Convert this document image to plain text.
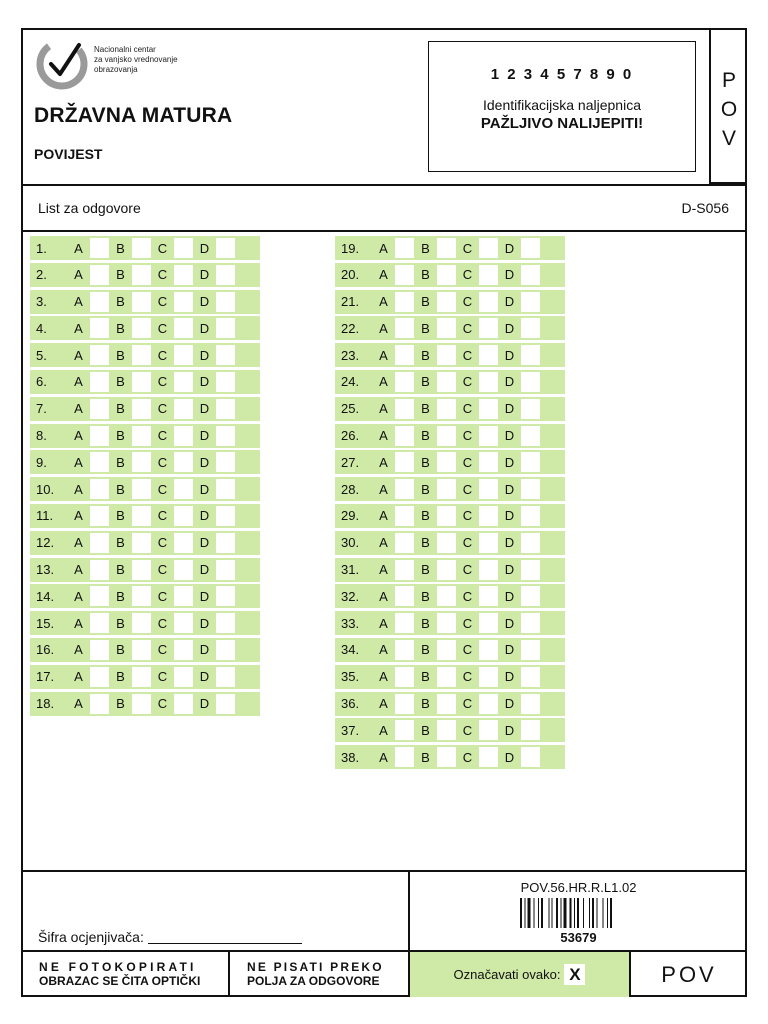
Nacionalni centar
za vanjsko vrednovanje
obrazovanja
DRŽAVNA MATURA
POVIJEST
1 2 3 4 5 7 8 9 0
Identifikacijska naljepnica
PAŽLJIVO NALIJEPITI!
P
O
V
List za odgovore	D-S056
1.	A	B	C	D
2.	A	B	C	D
3.	A	B	C	D
4.	A	B	C	D
5.	A	B	C	D
6.	A	B	C	D
7.	A	B	C	D
8.	A	B	C	D
9.	A	B	C	D
10.	A	B	C	D
11.	A	B	C	D
12.	A	B	C	D
13.	A	B	C	D
14.	A	B	C	D
15.	A	B	C	D
16.	A	B	C	D
17.	A	B	C	D
18.	A	B	C	D
19.	A	B	C	D
20.	A	B	C	D
21.	A	B	C	D
22.	A	B	C	D
23.	A	B	C	D
24.	A	B	C	D
25.	A	B	C	D
26.	A	B	C	D
27.	A	B	C	D
28.	A	B	C	D
29.	A	B	C	D
30.	A	B	C	D
31.	A	B	C	D
32.	A	B	C	D
33.	A	B	C	D
34.	A	B	C	D
35.	A	B	C	D
36.	A	B	C	D
37.	A	B	C	D
38.	A	B	C	D
Šifra ocjenjivača:
POV.56.HR.R.L1.02
53679
NE FOTOKOPIRATI
OBRAZAC SE ČITA OPTIČKI
NE PISATI PREKO
POLJA ZA ODGOVORE	Označavati ovako: X	POV
